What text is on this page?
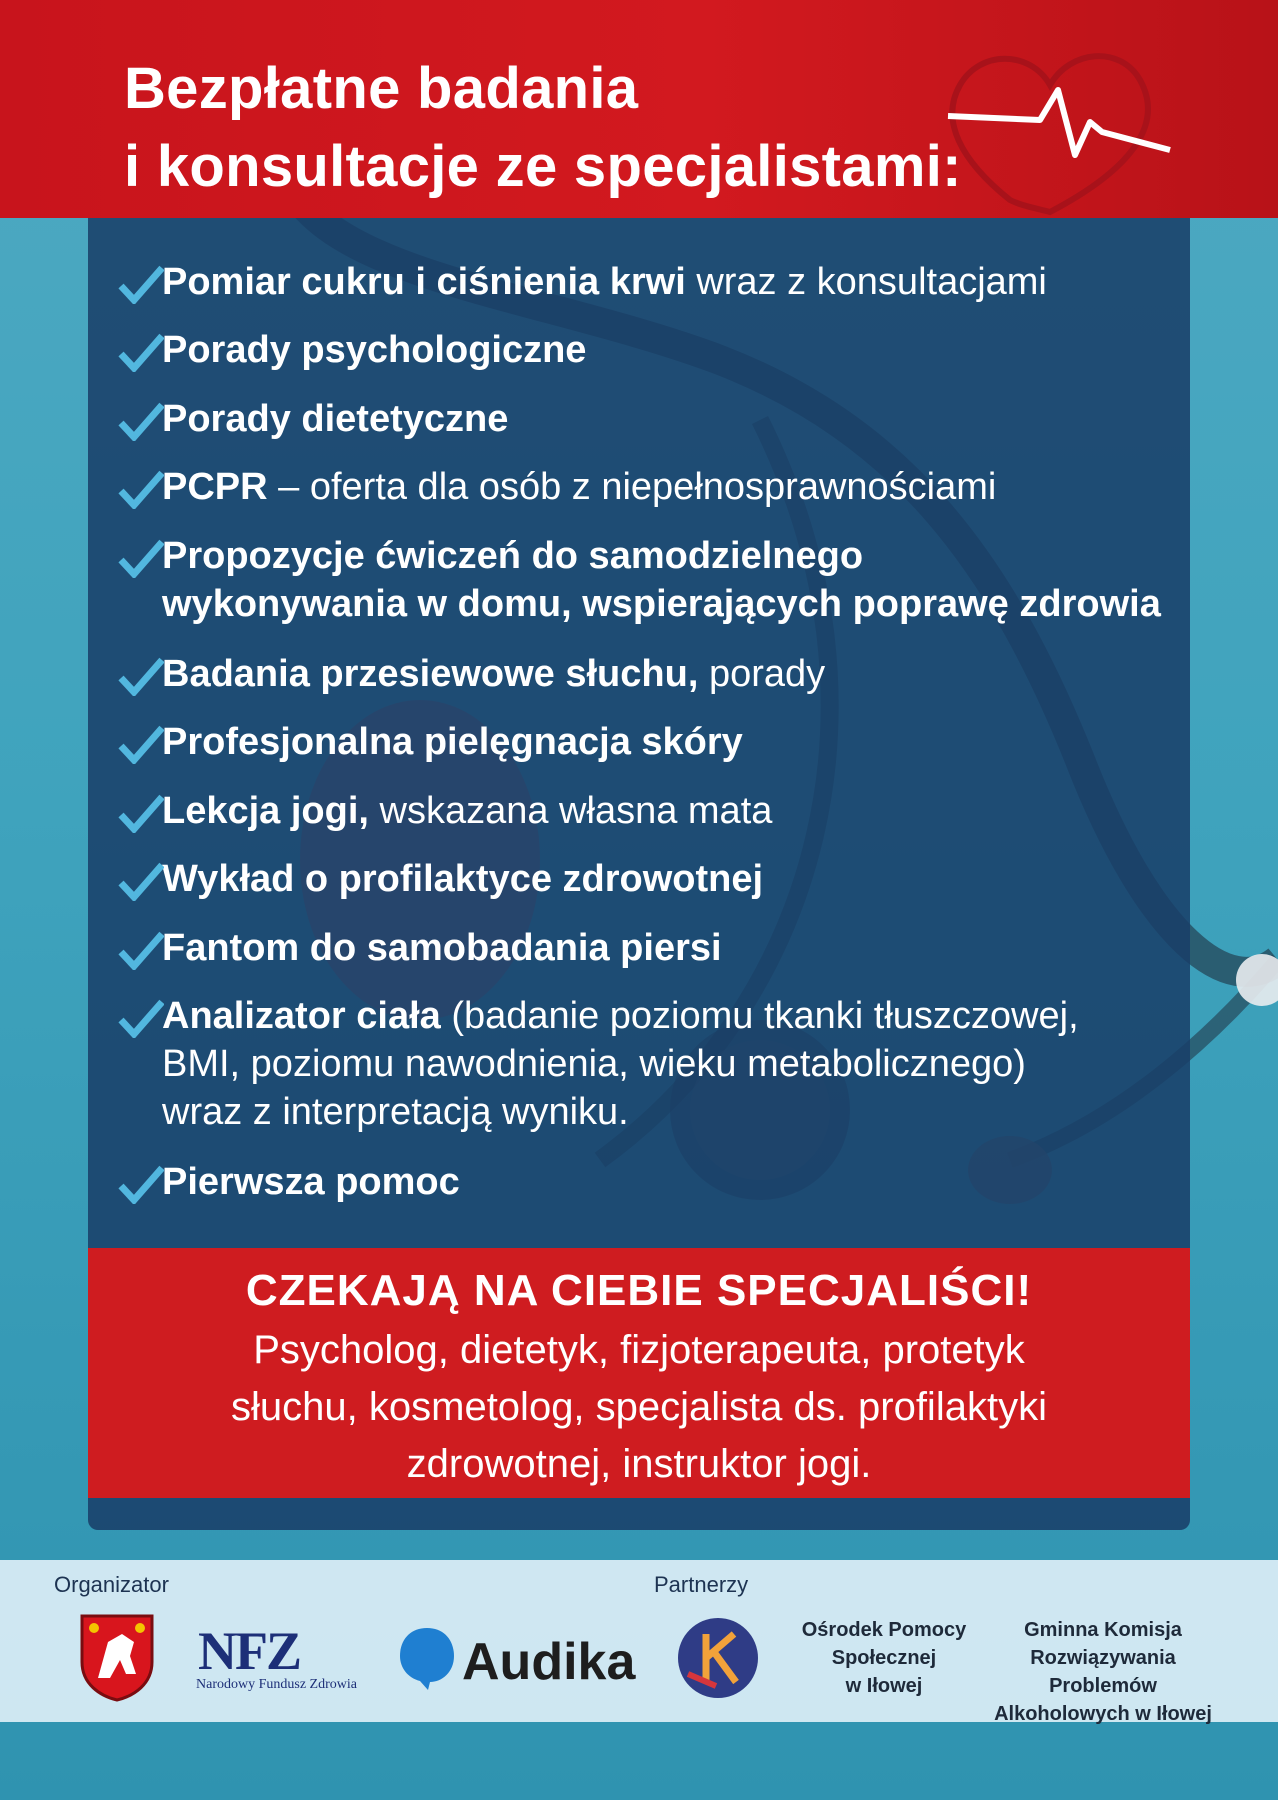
Bezpłatne badania
i konsultacje ze specjalistami:
Pomiar cukru i ciśnienia krwi wraz z konsultacjami
Porady psychologiczne
Porady dietetyczne
PCPR – oferta dla osób z niepełnosprawnościami
Propozycje ćwiczeń do samodzielnego
wykonywania w domu, wspierających poprawę zdrowia
Badania przesiewowe słuchu, porady
Profesjonalna pielęgnacja skóry
Lekcja jogi, wskazana własna mata
Wykład o profilaktyce zdrowotnej
Fantom do samobadania piersi
Analizator ciała (badanie poziomu tkanki tłuszczowej,
BMI, poziomu nawodnienia, wieku metabolicznego)
wraz z interpretacją wyniku.
Pierwsza pomoc
CZEKAJĄ NA CIEBIE SPECJALIŚCI!
Psycholog, dietetyk, fizjoterapeuta, protetyk
słuchu, kosmetolog, specjalista ds. profilaktyki
zdrowotnej, instruktor jogi.
Organizator	Partnerzy
NFZ
Narodowy Fundusz Zdrowia Audika
Ośrodek Pomocy
Społecznej
w Iłowej
Gminna Komisja
Rozwiązywania Problemów
Alkoholowych w Iłowej
